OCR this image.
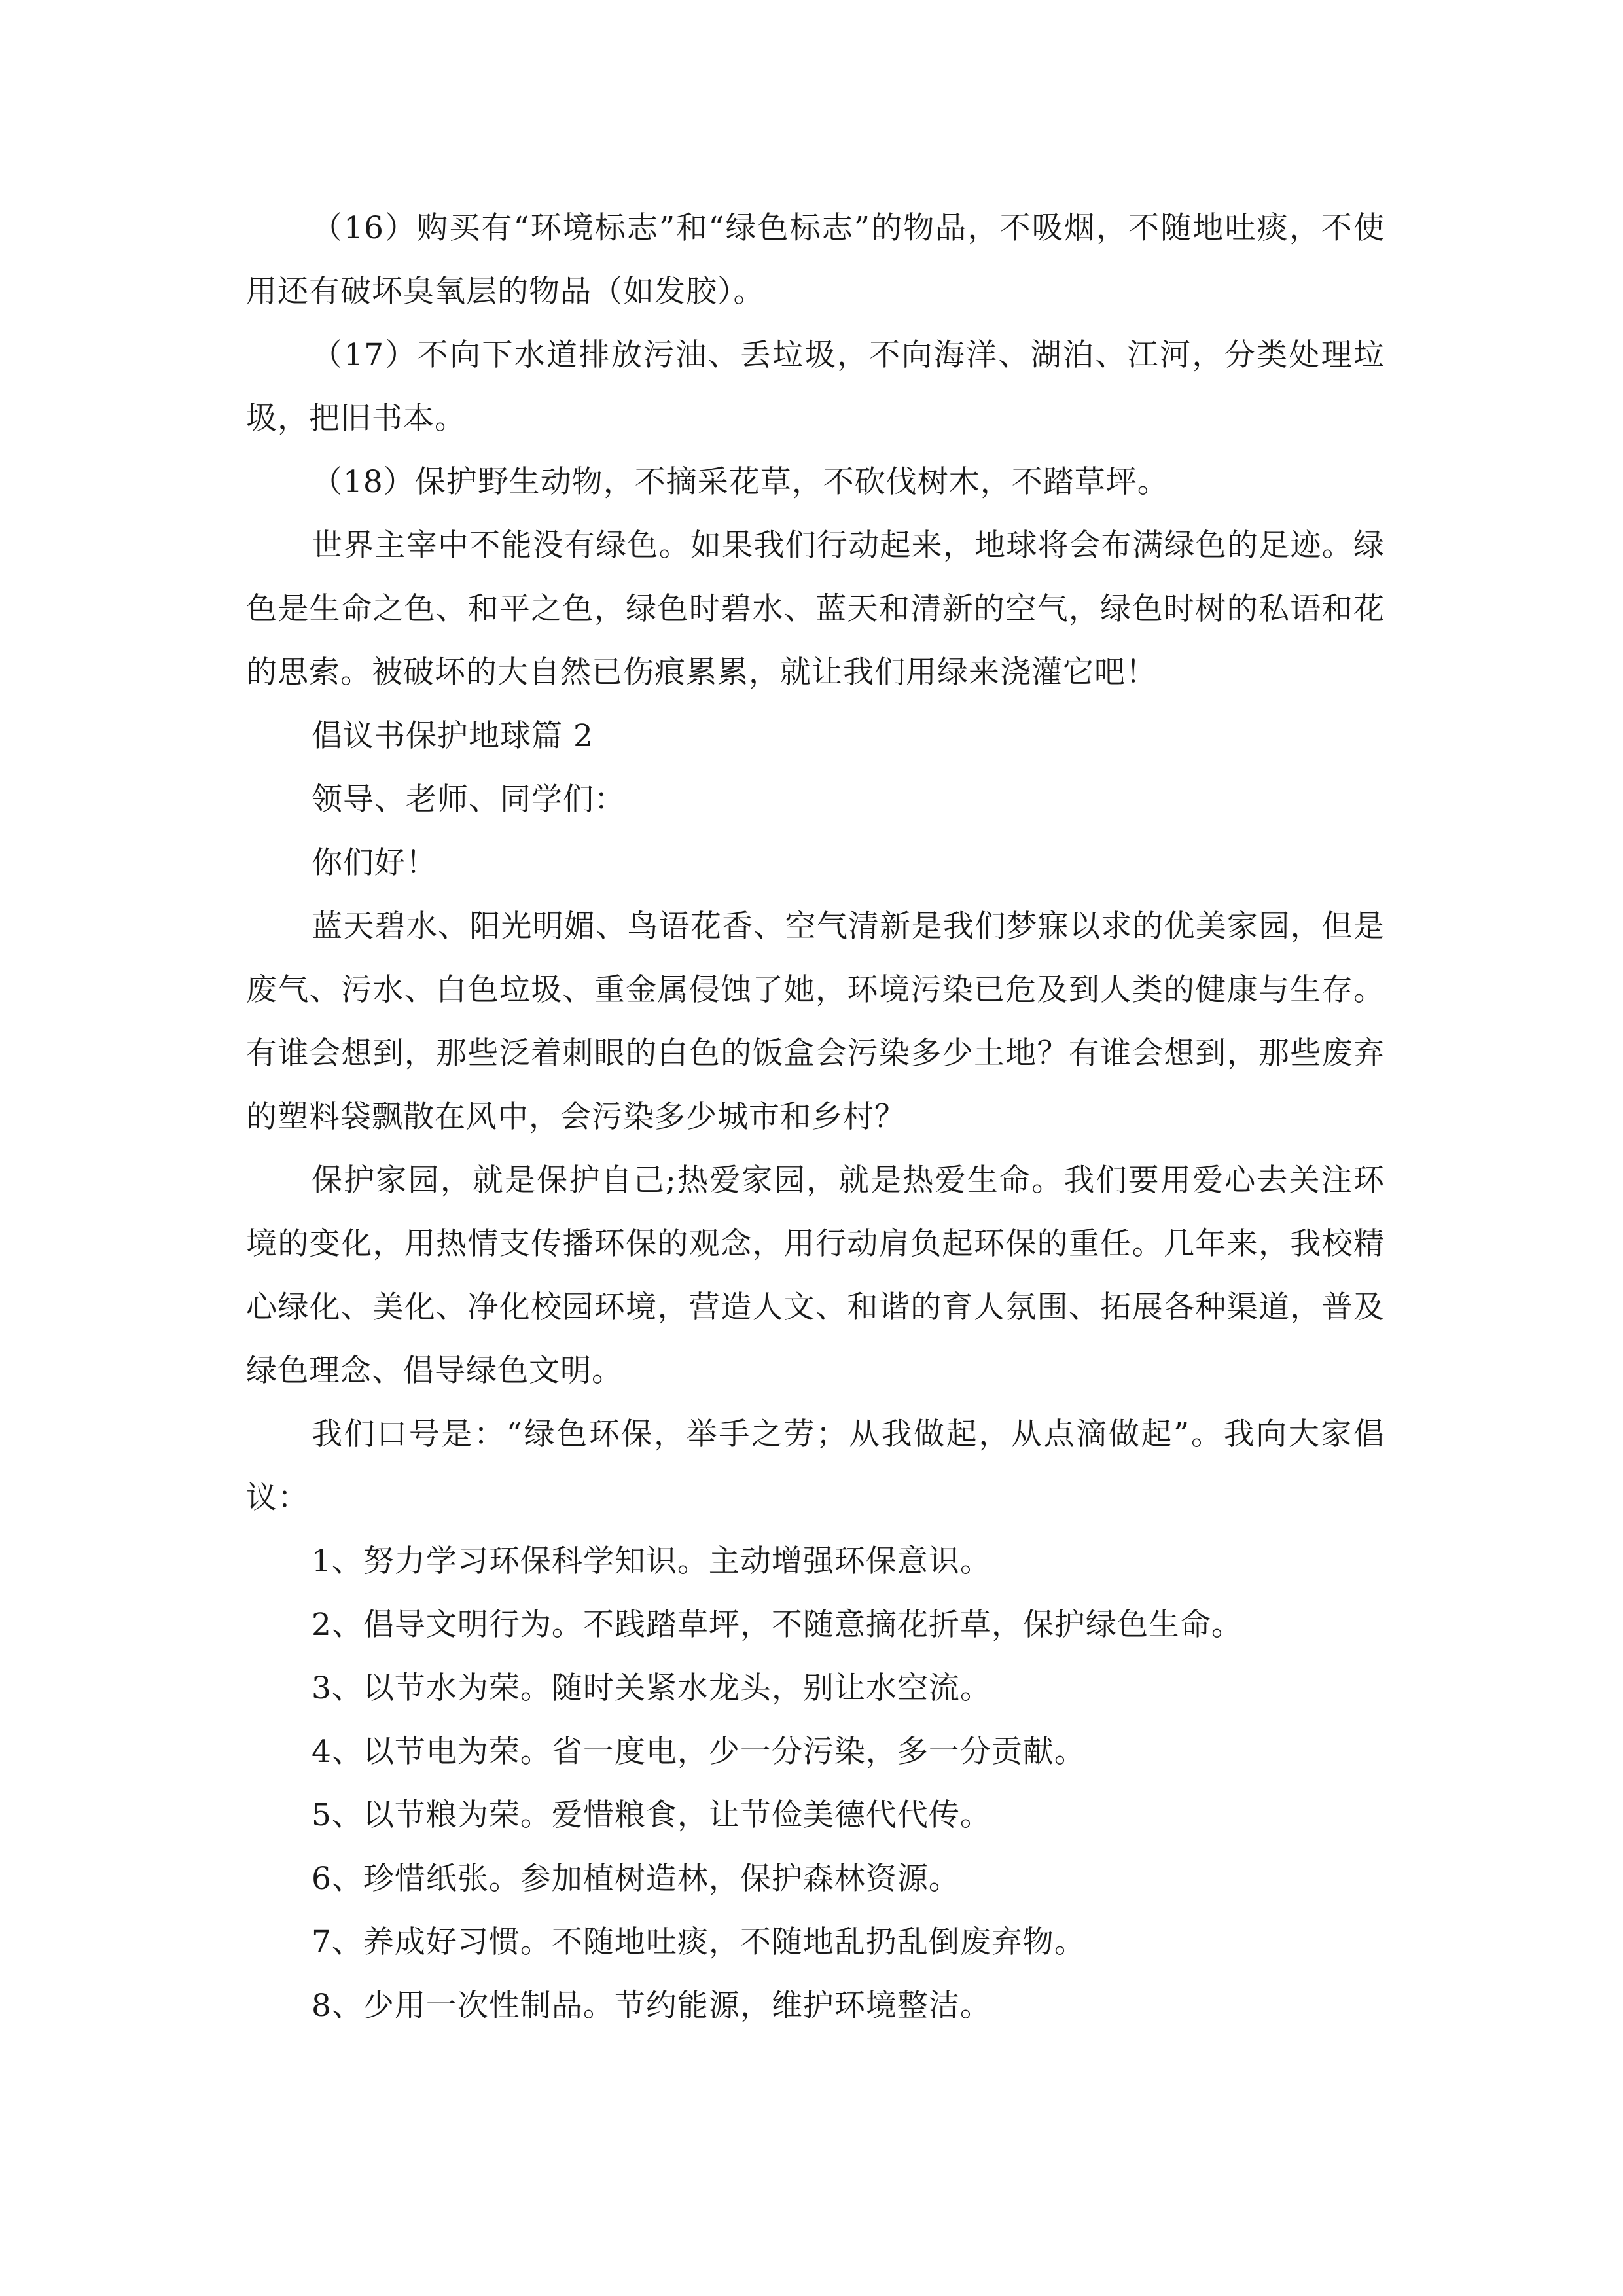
（16）购买有“环境标志”和“绿色标志”的物品，不吸烟，不随地吐痰，不使用还有破坏臭氧层的物品（如发胶）。

（17）不向下水道排放污油、丢垃圾，不向海洋、湖泊、江河，分类处理垃圾，把旧书本。

（18）保护野生动物，不摘采花草，不砍伐树木，不踏草坪。

世界主宰中不能没有绿色。如果我们行动起来，地球将会布满绿色的足迹。绿色是生命之色、和平之色，绿色时碧水、蓝天和清新的空气，绿色时树的私语和花的思索。被破坏的大自然已伤痕累累，就让我们用绿来浇灌它吧！

倡议书保护地球篇 2

领导、老师、同学们：

你们好！

蓝天碧水、阳光明媚、鸟语花香、空气清新是我们梦寐以求的优美家园，但是废气、污水、白色垃圾、重金属侵蚀了她，环境污染已危及到人类的健康与生存。有谁会想到，那些泛着刺眼的白色的饭盒会污染多少土地？有谁会想到，那些废弃的塑料袋飘散在风中，会污染多少城市和乡村？

保护家园，就是保护自己;热爱家园，就是热爱生命。我们要用爱心去关注环境的变化，用热情支传播环保的观念，用行动肩负起环保的重任。几年来，我校精心绿化、美化、净化校园环境，营造人文、和谐的育人氛围、拓展各种渠道，普及绿色理念、倡导绿色文明。

我们口号是：“绿色环保，举手之劳；从我做起，从点滴做起”。我向大家倡议：

1、努力学习环保科学知识。主动增强环保意识。

2、倡导文明行为。不践踏草坪，不随意摘花折草，保护绿色生命。

3、以节水为荣。随时关紧水龙头，别让水空流。

4、以节电为荣。省一度电，少一分污染，多一分贡献。

5、以节粮为荣。爱惜粮食，让节俭美德代代传。

6、珍惜纸张。参加植树造林，保护森林资源。

7、养成好习惯。不随地吐痰，不随地乱扔乱倒废弃物。

8、少用一次性制品。节约能源，维护环境整洁。
